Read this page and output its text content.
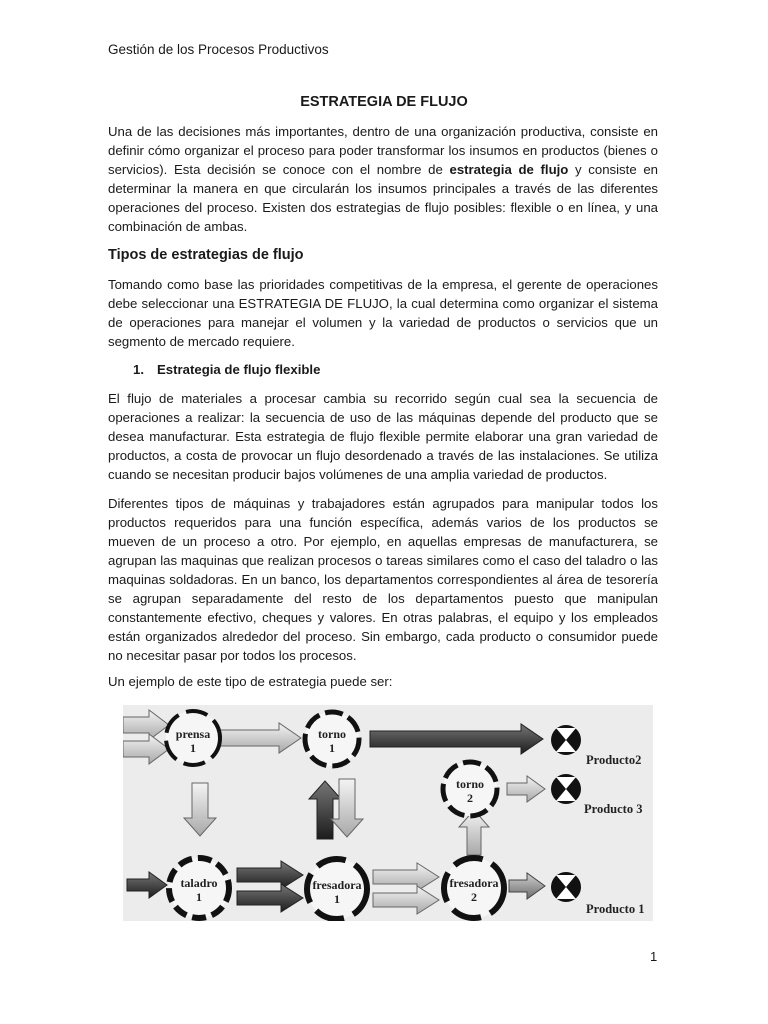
Gestión de los Procesos Productivos
ESTRATEGIA DE FLUJO
Una de las decisiones más importantes, dentro de una organización productiva, consiste en definir cómo organizar el proceso para poder transformar los insumos en productos (bienes o servicios). Esta decisión se conoce con el nombre de estrategia de flujo y consiste en determinar la manera en que circularán los insumos principales a través de las diferentes operaciones del proceso. Existen dos estrategias de flujo posibles: flexible o en línea, y una combinación de ambas.
Tipos de estrategias de flujo
Tomando como base las prioridades competitivas de la empresa, el gerente de operaciones debe seleccionar una ESTRATEGIA DE FLUJO, la cual determina como organizar el sistema de operaciones para manejar el volumen y la variedad de productos o servicios que un segmento de mercado requiere.
1. Estrategia de flujo flexible
El flujo de materiales a procesar cambia su recorrido según cual sea la secuencia de operaciones a realizar: la secuencia de uso de las máquinas depende del producto que se desea manufacturar. Esta estrategia de flujo flexible permite elaborar una gran variedad de productos, a costa de provocar un flujo desordenado a través de las instalaciones. Se utiliza cuando se necesitan producir bajos volúmenes de una amplia variedad de productos.
Diferentes tipos de máquinas y trabajadores están agrupados para manipular todos los productos requeridos para una función específica, además varios de los productos se mueven de un proceso a otro. Por ejemplo, en aquellas empresas de manufacturera, se agrupan las maquinas que realizan procesos o tareas similares como el caso del taladro o las maquinas soldadoras. En un banco, los departamentos correspondientes al área de tesorería se agrupan separadamente del resto de los departamentos puesto que manipulan constantemente efectivo, cheques y valores. En otras palabras, el equipo y los empleados están organizados alrededor del proceso. Sin embargo, cada producto o consumidor puede no necesitar pasar por todos los procesos.
Un ejemplo de este tipo de estrategia puede ser:
prensa
1
torno
1
torno
2
taladro
1
fresadora
1
fresadora
2
Producto2
Producto 3
Producto 1
1
